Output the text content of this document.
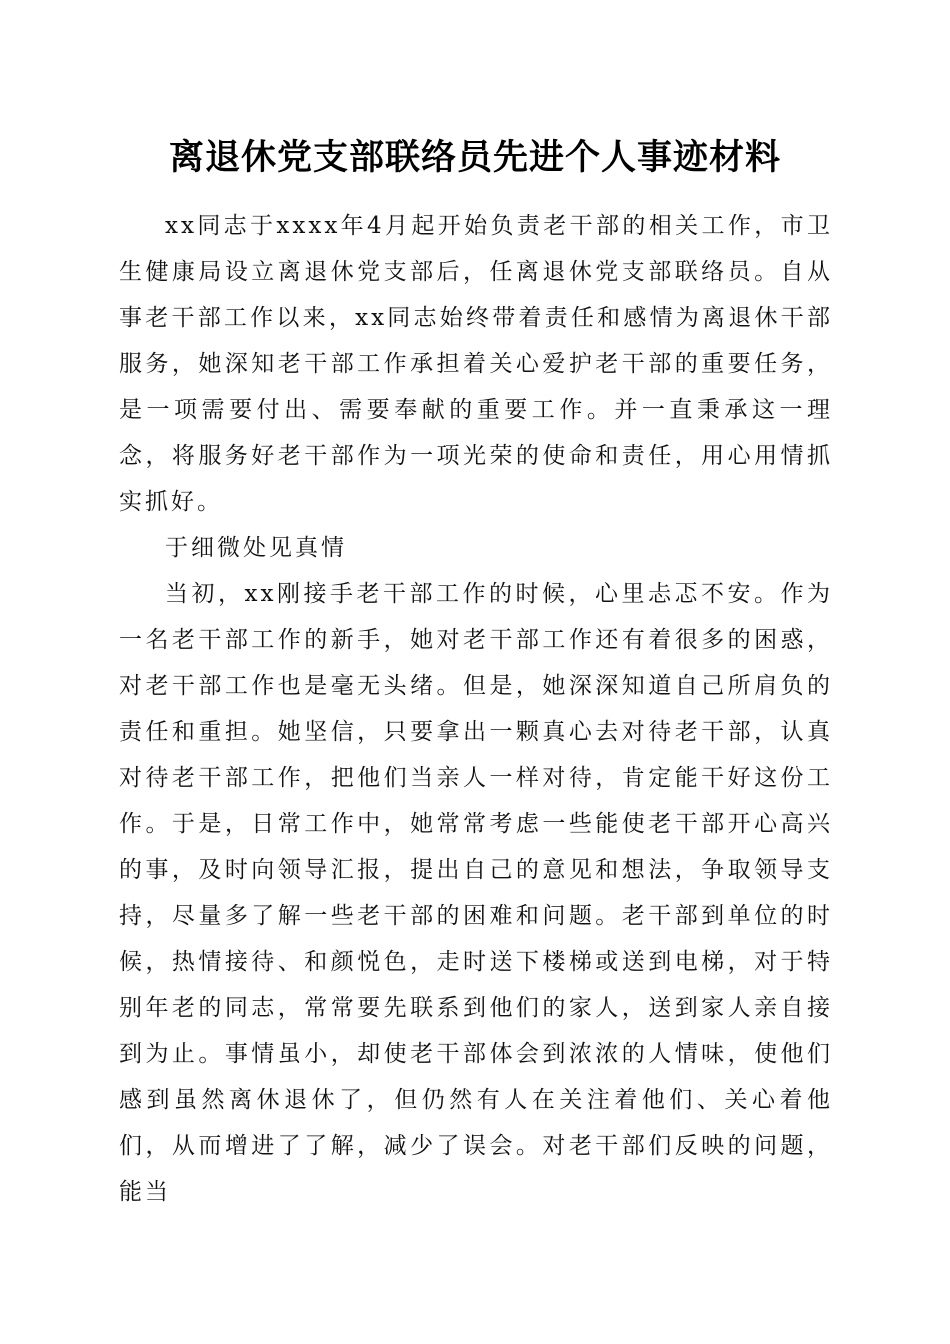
离退休党支部联络员先进个人事迹材料

xx同志于xxxx年4月起开始负责老干部的相关工作，市卫生健康局设立离退休党支部后，任离退休党支部联络员。自从事老干部工作以来，xx同志始终带着责任和感情为离退休干部服务，她深知老干部工作承担着关心爱护老干部的重要任务，是一项需要付出、需要奉献的重要工作。并一直秉承这一理念，将服务好老干部作为一项光荣的使命和责任，用心用情抓实抓好。

于细微处见真情

当初，xx刚接手老干部工作的时候，心里忐忑不安。作为一名老干部工作的新手，她对老干部工作还有着很多的困惑，对老干部工作也是毫无头绪。但是，她深深知道自己所肩负的责任和重担。她坚信，只要拿出一颗真心去对待老干部，认真对待老干部工作，把他们当亲人一样对待，肯定能干好这份工作。于是，日常工作中，她常常考虑一些能使老干部开心高兴的事，及时向领导汇报，提出自己的意见和想法，争取领导支持，尽量多了解一些老干部的困难和问题。老干部到单位的时候，热情接待、和颜悦色，走时送下楼梯或送到电梯，对于特别年老的同志，常常要先联系到他们的家人，送到家人亲自接到为止。事情虽小，却使老干部体会到浓浓的人情味，使他们感到虽然离休退休了，但仍然有人在关注着他们、关心着他们，从而增进了了解，减少了误会。对老干部们反映的问题，能当
